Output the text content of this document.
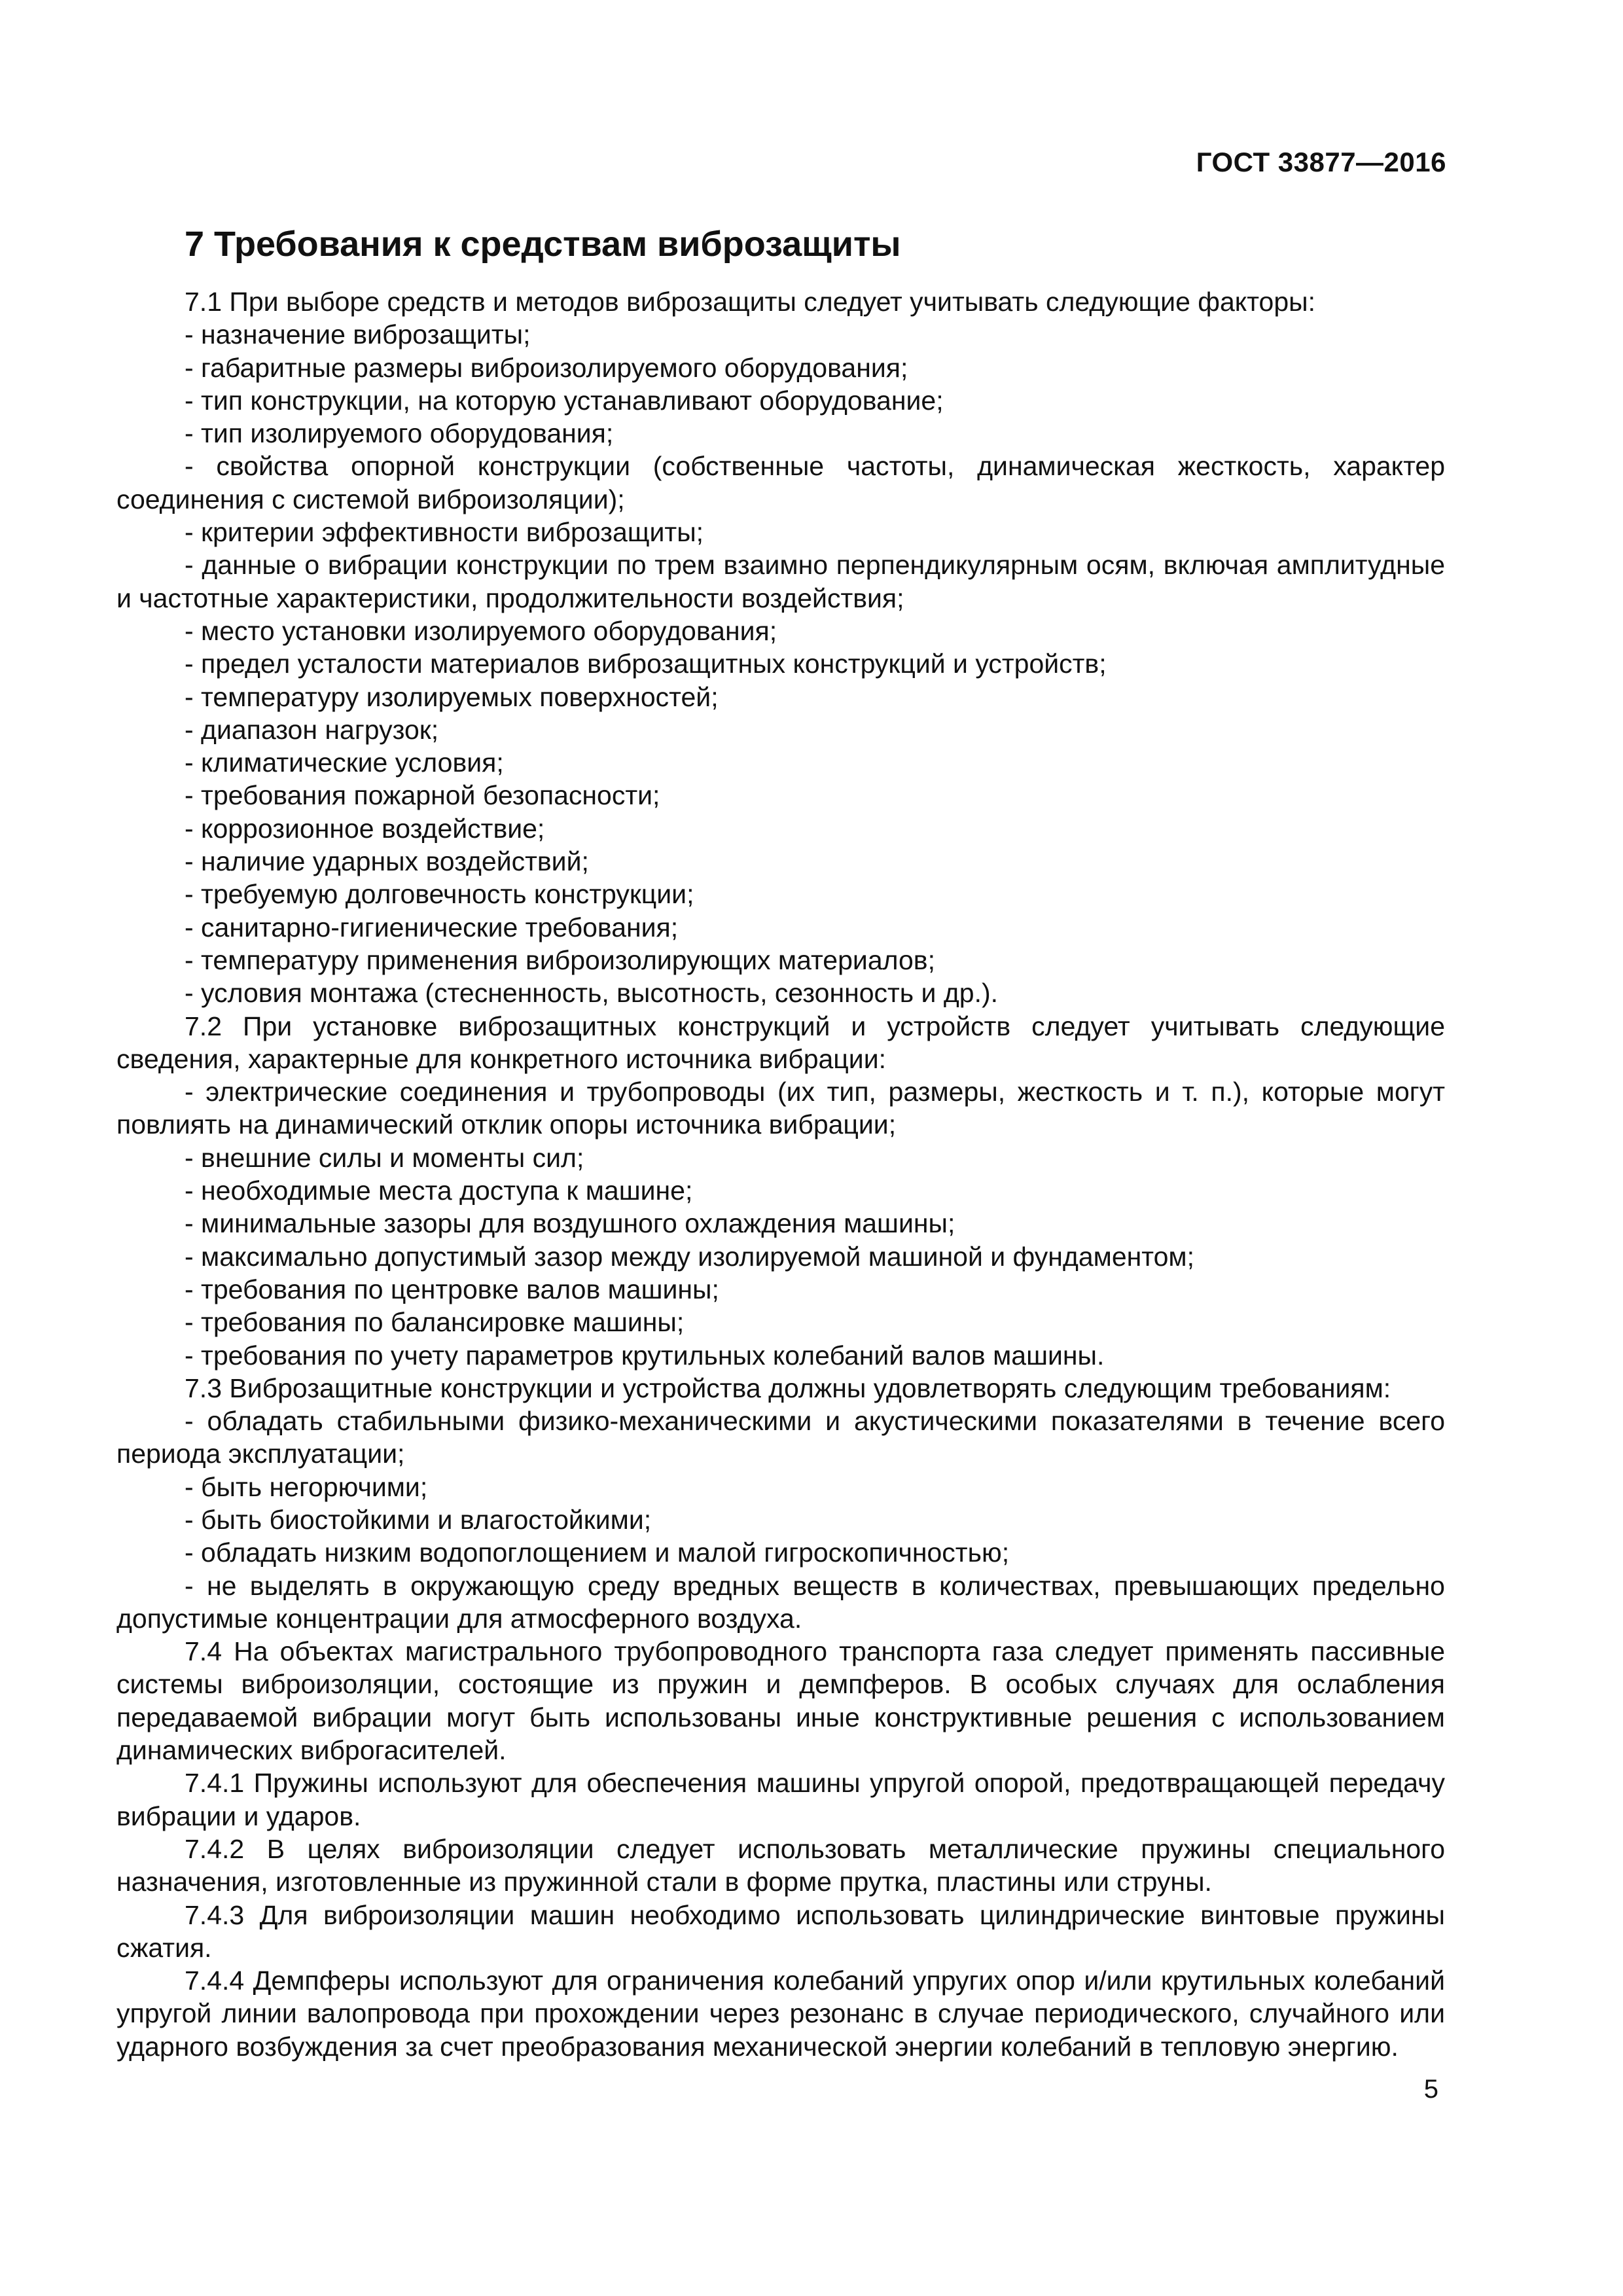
ГОСТ 33877—2016
7 Требования к средствам виброзащиты

7.1 При выборе средств и методов виброзащиты следует учитывать следующие факторы:

- назначение виброзащиты;

- габаритные размеры виброизолируемого оборудования;

- тип конструкции, на которую устанавливают оборудование;

- тип изолируемого оборудования;

- свойства опорной конструкции (собственные частоты, динамическая жесткость, характер соединения с системой виброизоляции);

- критерии эффективности виброзащиты;

- данные о вибрации конструкции по трем взаимно перпендикулярным осям, включая амплитудные и частотные характеристики, продолжительности воздействия;

- место установки изолируемого оборудования;

- предел усталости материалов виброзащитных конструкций и устройств;

- температуру изолируемых поверхностей;

- диапазон нагрузок;

- климатические условия;

- требования пожарной безопасности;

- коррозионное воздействие;

- наличие ударных воздействий;

- требуемую долговечность конструкции;

- санитарно-гигиенические требования;

- температуру применения виброизолирующих материалов;

- условия монтажа (стесненность, высотность, сезонность и др.).

7.2 При установке виброзащитных конструкций и устройств следует учитывать следующие сведения, характерные для конкретного источника вибрации:

- электрические соединения и трубопроводы (их тип, размеры, жесткость и т. п.), которые могут повлиять на динамический отклик опоры источника вибрации;

- внешние силы и моменты сил;

- необходимые места доступа к машине;

- минимальные зазоры для воздушного охлаждения машины;

- максимально допустимый зазор между изолируемой машиной и фундаментом;

- требования по центровке валов машины;

- требования по балансировке машины;

- требования по учету параметров крутильных колебаний валов машины.

7.3 Виброзащитные конструкции и устройства должны удовлетворять следующим требованиям:

- обладать стабильными физико-механическими и акустическими показателями в течение всего периода эксплуатации;

- быть негорючими;

- быть биостойкими и влагостойкими;

- обладать низким водопоглощением и малой гигроскопичностью;

- не выделять в окружающую среду вредных веществ в количествах, превышающих предельно допустимые концентрации для атмосферного воздуха.

7.4 На объектах магистрального трубопроводного транспорта газа следует применять пассивные системы виброизоляции, состоящие из пружин и демпферов. В особых случаях для ослабления передаваемой вибрации могут быть использованы иные конструктивные решения с использованием динамических виброгасителей.

7.4.1 Пружины используют для обеспечения машины упругой опорой, предотвращающей передачу вибрации и ударов.

7.4.2 В целях виброизоляции следует использовать металлические пружины специального назначения, изготовленные из пружинной стали в форме прутка, пластины или струны.

7.4.3 Для виброизоляции машин необходимо использовать цилиндрические винтовые пружины сжатия.

7.4.4 Демпферы используют для ограничения колебаний упругих опор и/или крутильных колебаний упругой линии валопровода при прохождении через резонанс в случае периодического, случайного или ударного возбуждения за счет преобразования механической энергии колебаний в тепловую энергию.

5
